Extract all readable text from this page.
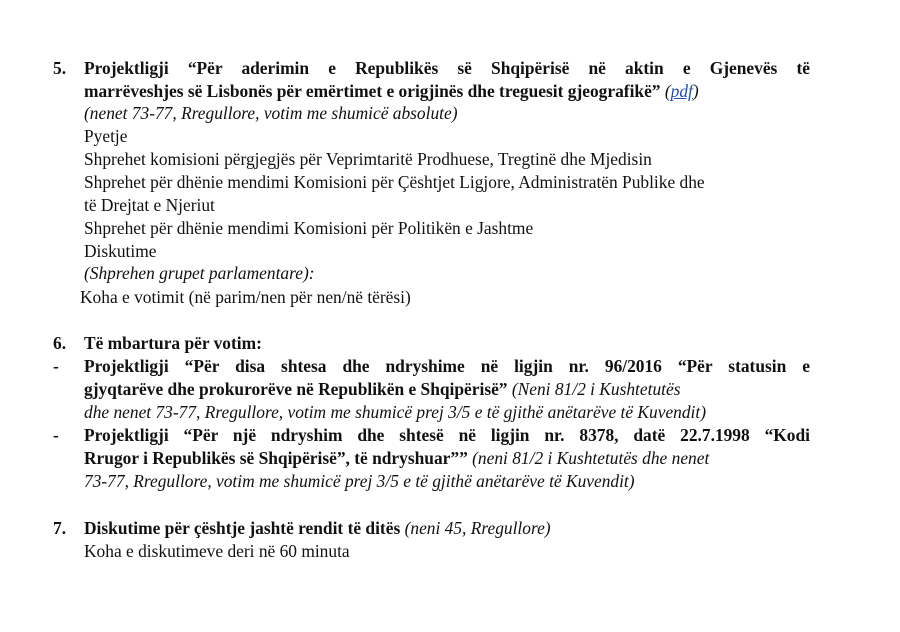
5. Projektligji “Për aderimin e Republikës së Shqipërisë në aktin e Gjenevës të
marrëveshjes së Lisbonës për emërtimet e origjinës dhe treguesit gjeografikë” (pdf)
(nenet 73-77, Rregullore, votim me shumicë absolute)
Pyetje
Shprehet komisioni përgjegjës për Veprimtaritë Prodhuese, Tregtinë dhe Mjedisin
Shprehet për dhënie mendimi Komisioni për Çështjet Ligjore, Administratën Publike dhe
të Drejtat e Njeriut
Shprehet për dhënie mendimi Komisioni për Politikën e Jashtme
Diskutime
(Shprehen grupet parlamentare):
Koha e votimit (në parim/nen për nen/në tërësi)
6. Të mbartura për votim:
- Projektligji “Për disa shtesa dhe ndryshime në ligjin nr. 96/2016 “Për statusin e
gjyqtarëve dhe prokurorëve në Republikën e Shqipërisë” (Neni 81/2 i Kushtetutës
dhe nenet 73-77, Rregullore, votim me shumicë prej 3/5 e të gjithë anëtarëve të Kuvendit)
- Projektligji “Për një ndryshim dhe shtesë në ligjin nr. 8378, datë 22.7.1998 “Kodi
Rrugor i Republikës së Shqipërisë”, të ndryshuar”” (neni 81/2 i Kushtetutës dhe nenet
73-77, Rregullore, votim me shumicë prej 3/5 e të gjithë anëtarëve të Kuvendit)
7. Diskutime për çështje jashtë rendit të ditës (neni 45, Rregullore)
Koha e diskutimeve deri në 60 minuta
